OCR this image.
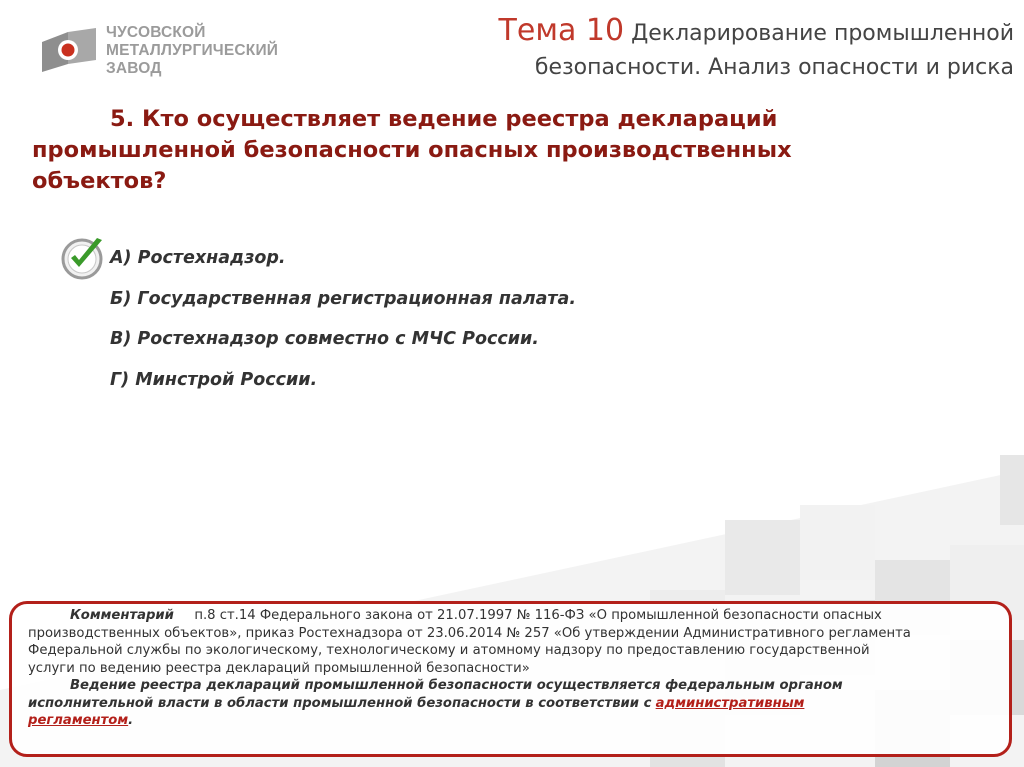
ЧУСОВСКОЙ
МЕТАЛЛУРГИЧЕСКИЙ
ЗАВОД
Тема 10 Декларирование промышленной
безопасности. Анализ опасности и риска
5. Кто осуществляет ведение реестра деклараций
промышленной безопасности опасных производственных
объектов?
А) Ростехнадзор.
Б) Государственная регистрационная палата.
В) Ростехнадзор совместно с МЧС России.
Г) Минстрой России.
Комментарий п.8 ст.14 Федерального закона от 21.07.1997 № 116-ФЗ «О промышленной безопасности опасных
производственных объектов», приказ Ростехнадзора от 23.06.2014 № 257 «Об утверждении Административного регламента
Федеральной службы по экологическому, технологическому и атомному надзору по предоставлению государственной
услуги по ведению реестра деклараций промышленной безопасности»
Ведение реестра деклараций промышленной безопасности осуществляется федеральным органом
исполнительной власти в области промышленной безопасности в соответствии с административным
регламентом.
